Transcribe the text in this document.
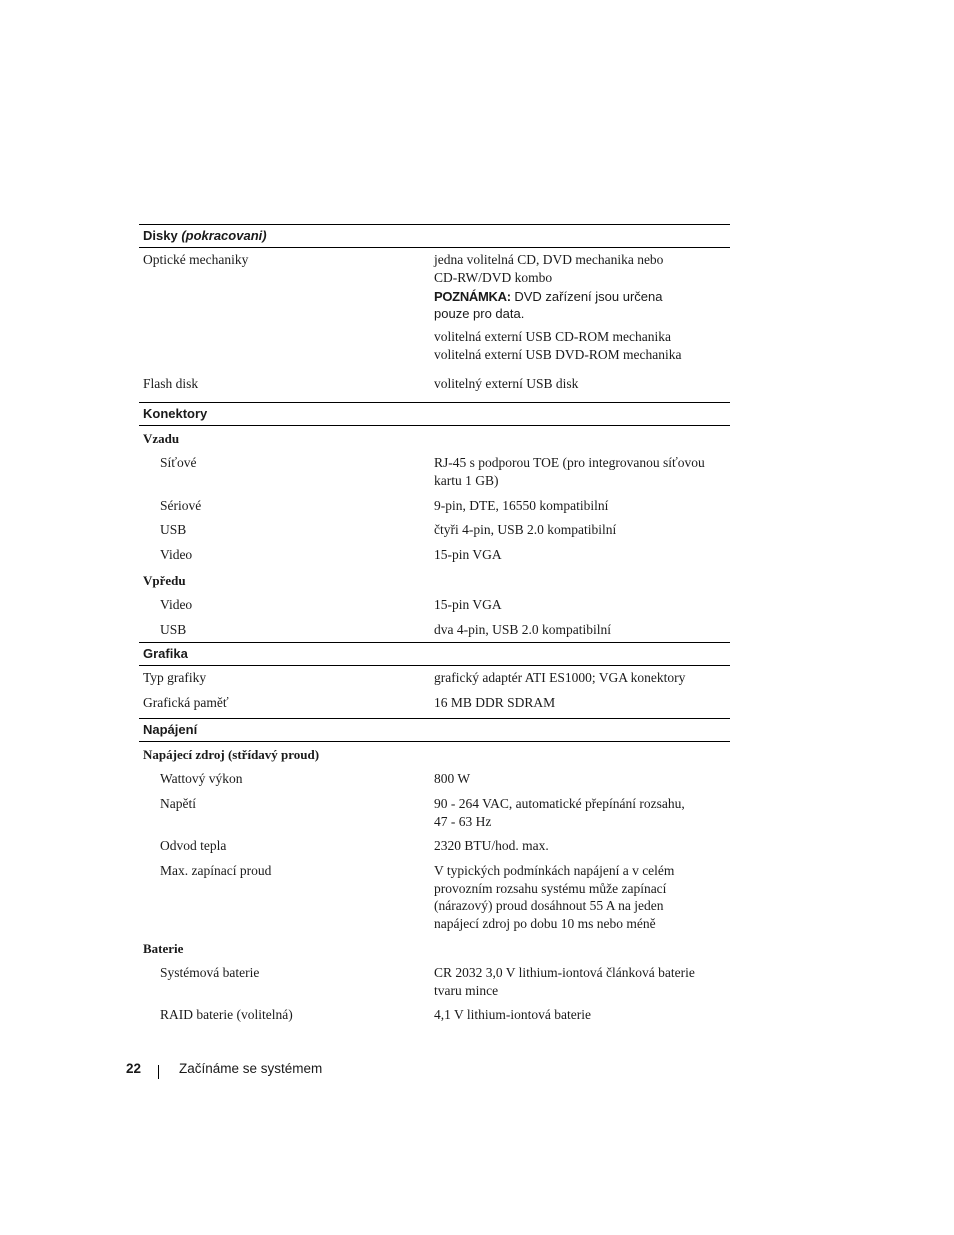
Disky (pokracovani)
Optické mechaniky	jedna volitelná CD, DVD mechanika nebo
CD-RW/DVD kombo
POZNÁMKA: DVD zařízení jsou určena
pouze pro data.
volitelná externí USB CD-ROM mechanika
volitelná externí USB DVD-ROM mechanika
Flash disk	volitelný externí USB disk
Konektory
Vzadu
Síťové	RJ-45 s podporou TOE (pro integrovanou síťovou
kartu 1 GB)
Sériové	9-pin, DTE, 16550 kompatibilní
USB	čtyři 4-pin, USB 2.0 kompatibilní
Video	15-pin VGA
Vpředu
Video	15-pin VGA
USB	dva 4-pin, USB 2.0 kompatibilní
Grafika
Typ grafiky	grafický adaptér ATI ES1000; VGA konektory
Grafická paměť	16 MB DDR SDRAM
Napájení
Napájecí zdroj (střídavý proud)
Wattový výkon	800 W
Napětí	90 - 264 VAC, automatické přepínání rozsahu,
47 - 63 Hz
Odvod tepla	2320 BTU/hod. max.
Max. zapínací proud	V typických podmínkách napájení a v celém
provozním rozsahu systému může zapínací
(nárazový) proud dosáhnout 55 A na jeden
napájecí zdroj po dobu 10 ms nebo méně
Baterie
Systémová baterie	CR 2032 3,0 V lithium-iontová článková baterie
tvaru mince
RAID baterie (volitelná)	4,1 V lithium-iontová baterie
22	Začínáme se systémem
